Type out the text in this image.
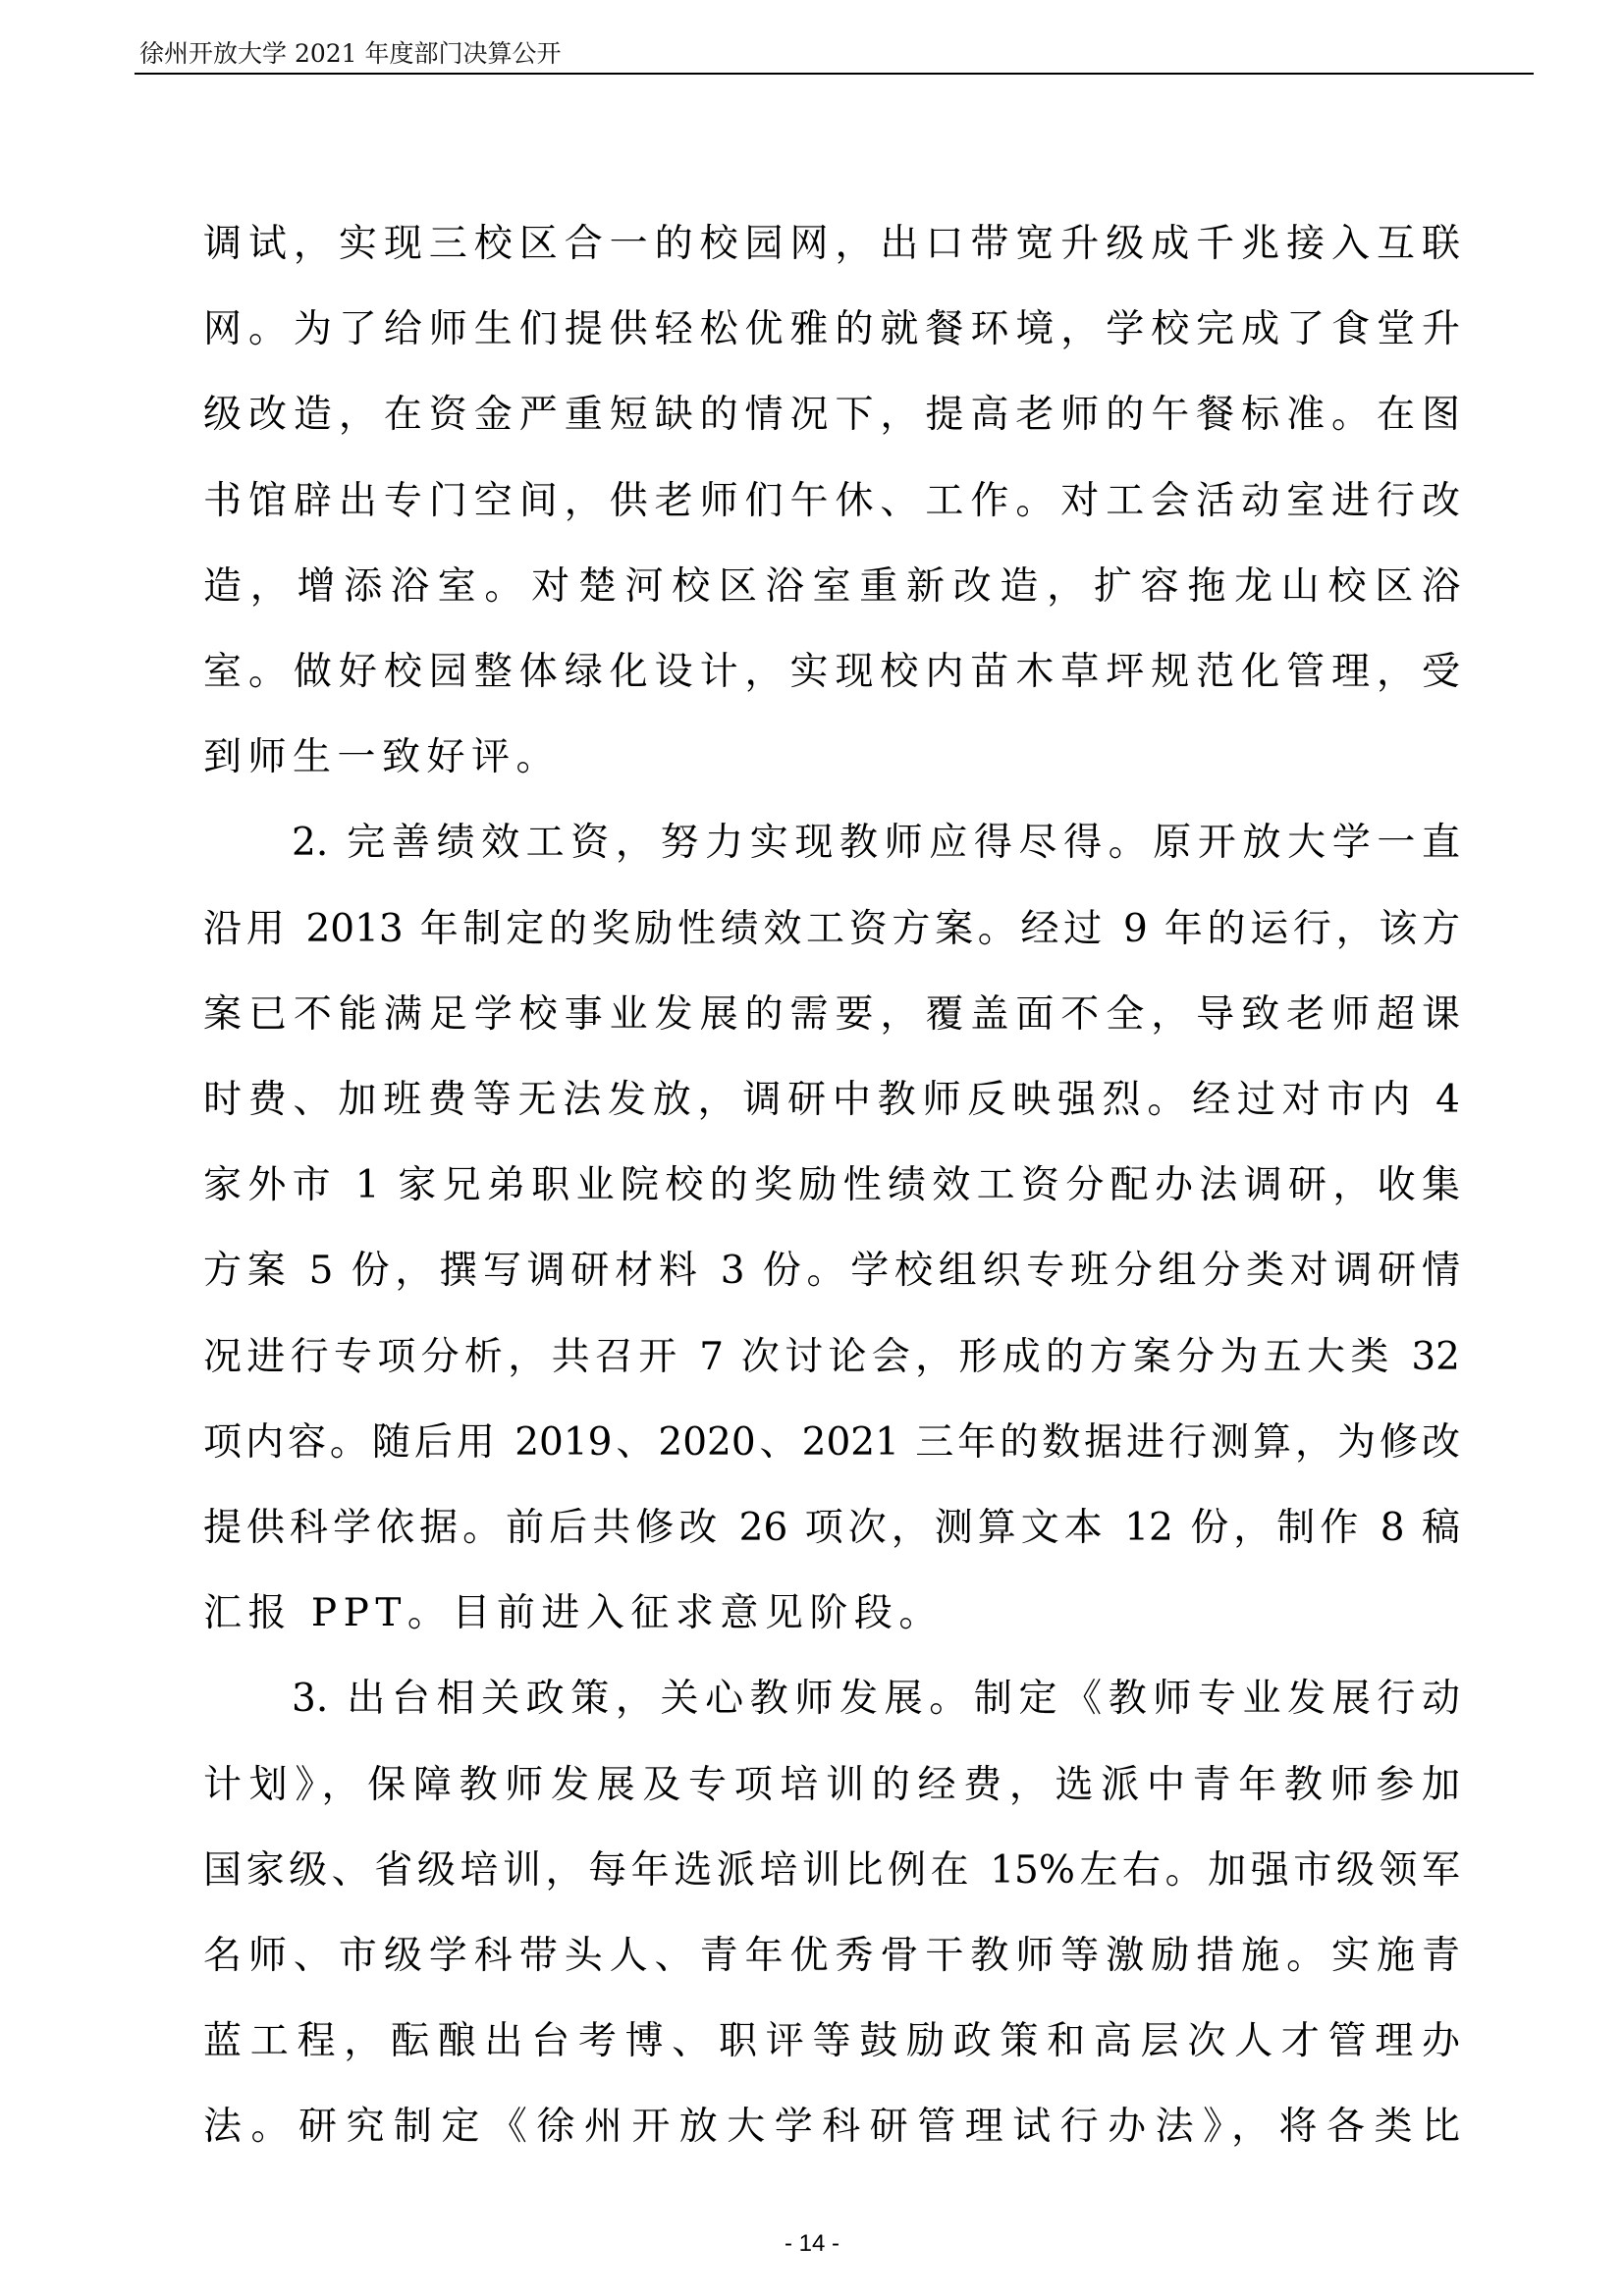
徐州开放大学 2021 年度部门决算公开
调试，实现三校区合一的校园网，出口带宽升级成千兆接入互联
网。为了给师生们提供轻松优雅的就餐环境，学校完成了食堂升
级改造，在资金严重短缺的情况下，提高老师的午餐标准。在图
书馆辟出专门空间，供老师们午休、工作。对工会活动室进行改
造，增添浴室。对楚河校区浴室重新改造，扩容拖龙山校区浴
室。做好校园整体绿化设计，实现校内苗木草坪规范化管理，受
到师生一致好评。
2. 完善绩效工资，努力实现教师应得尽得。原开放大学一直
沿用 2013 年制定的奖励性绩效工资方案。经过 9 年的运行，该方
案已不能满足学校事业发展的需要，覆盖面不全，导致老师超课
时费、加班费等无法发放，调研中教师反映强烈。经过对市内 4
家外市 1 家兄弟职业院校的奖励性绩效工资分配办法调研，收集
方案 5 份，撰写调研材料 3 份。学校组织专班分组分类对调研情
况进行专项分析，共召开 7 次讨论会，形成的方案分为五大类 32
项内容。随后用 2019、2020、2021 三年的数据进行测算，为修改
提供科学依据。前后共修改 26 项次，测算文本 12 份，制作 8 稿
汇报 PPT。目前进入征求意见阶段。
3. 出台相关政策，关心教师发展。制定《教师专业发展行动
计划》，保障教师发展及专项培训的经费，选派中青年教师参加
国家级、省级培训，每年选派培训比例在 15%左右。加强市级领军
名师、市级学科带头人、青年优秀骨干教师等激励措施。实施青
蓝工程，酝酿出台考博、职评等鼓励政策和高层次人才管理办
法。研究制定《徐州开放大学科研管理试行办法》，将各类比
- 14 -
